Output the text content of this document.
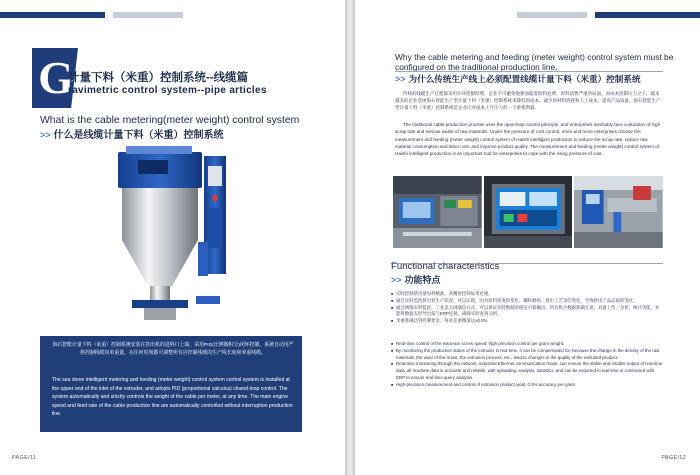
G
计量下料（米重）控制系统--线缆篇
ravimetric control system--pipe articles
What is the cable metering(meter weight) control system
>> 什么是线缆计量下料（米重）控制系统
海石智能计量下料（米重）控制系统安装在挤出机的进料口上端，采用PID(比例微积分)闭环控制。系统自动用严格控制线缆每米重量。在任何时刻都可调整所有应控制线缆的生产线长度和米重线缆。
The sea stone intelligent metering and feeding (meter weight) control system control system is installed at the upper end of the inlet of the extruder, and adopts PID (proportional calculus) closed-loop control. The system automatically and strictly controls the weight of the cable per meter, at any time. The main engine speed and feed rate of the cable production line are automatically controlled without interruption production line.
PAGE/11
Why the cable metering and feeding (meter weight) control system must be configured on the traditional production line.
>> 为什么传统生产线上必须配置线缆计量下料（米重）控制系统
传统的线缆生产过程都采用开环控制原理，企业不可避免地要面临着原料浪费、原料消费严重的局面。而成本控制压力之下，越来越多的企业选择海石智能生产型计量下料（米重）控制系统来降低原成本，减少原材料消耗和人工成本，提高产品质量。海石智能生产型计量下料（米重）控制系统是企业应对成本上升压力的一个重要利器。
The traditional cable production process uses the open-loop control principle, and enterprises inevitably face a situation of high scrap rate and serious waste of raw materials. Under the pressure of cost control, more and more enterprises choose the measurement and feeding (meter weight) control system of Haishi intelligent production to reduce the scrap rate, reduce raw material consumption and labor cost, and improve product quality. The measurement and feeding (meter weight) control system of Haishi intelligent production is an important tool for enterprises to cope with the rising pressure of cost.
Functional characteristics
>> 功能特点
■ 实时控制挤出量每秒精准，高精度控制每米克重。
■ 通过实时监控挤出机生产状况，可以实现，因为原料密度的变化、螺杆磨损、挤出工艺等的变化，导致挤出产品品质的变化。
■ 通过网络实时监控、工业以太网通信方式，可以保证实时数据的稳定可靠输出，所有机台数据准确无误，具备上传、分析、统计功能，并能将数据实时导出报与ERP连接，确保实时查询分析。
■ 米重准确达到控制要求，每米克重精准达±0.5%
■ Real-time control of the extrusion screw speed, high precision control per gram weight.
■ By monitoring the production status of the extruder in real time, it can be compensated for, because the change in the density of the raw materials, the wear of the rmost, the extrusion process, etc., lead to changes in the quality of the extruded product.
■ Real-time monitoring through the network, industrial Ethernet communication mode, can ensure the stable and reliable output of real-time data, all machine data is accurate and reliable, with uploading, analysis, statistics, and can be exported in real time or connected with ERP to ensure real-time query analysis.
■ High-precision measurement and control of extrusion product yield, 0.5% accuracy per gram
PAGE/12
